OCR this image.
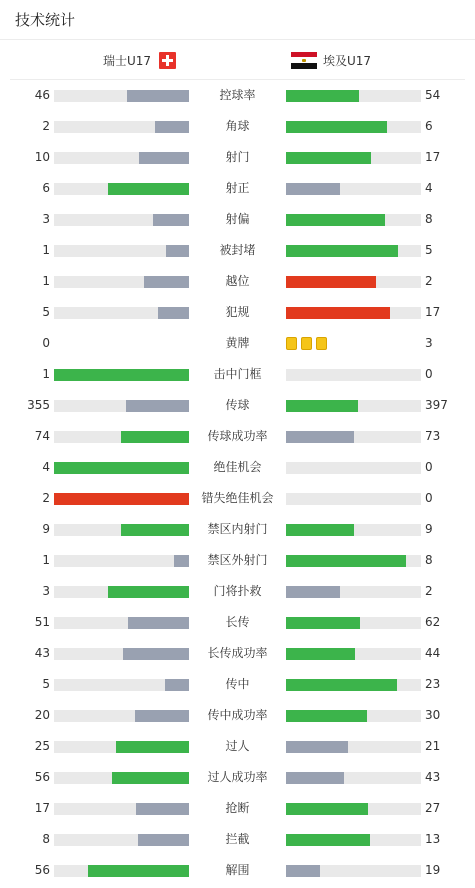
技术统计
瑞士U17	埃及U17
46	控球率	54
2	角球	6
10	射门	17
6	射正	4
3	射偏	8
1	被封堵	5
1	越位	2
5	犯规	17
0	黄牌	3
1	击中门框	0
355	传球	397
74	传球成功率	73
4	绝佳机会	0
2	错失绝佳机会	0
9	禁区内射门	9
1	禁区外射门	8
3	门将扑救	2
51	长传	62
43	长传成功率	44
5	传中	23
20	传中成功率	30
25	过人	21
56	过人成功率	43
17	抢断	27
8	拦截	13
56	解围	19
